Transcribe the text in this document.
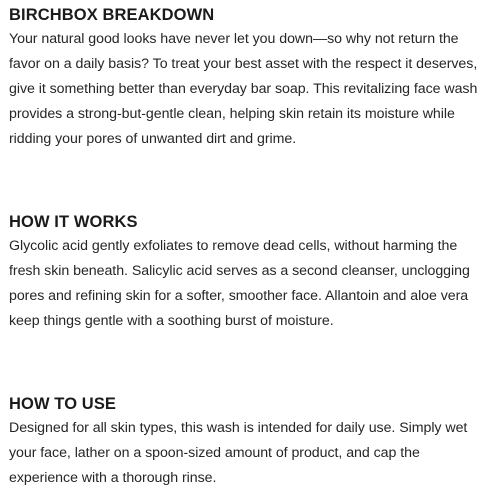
BIRCHBOX BREAKDOWN

Your natural good looks have never let you down—so why not return the favor on a daily basis? To treat your best asset with the respect it deserves, give it something better than everyday bar soap. This revitalizing face wash provides a strong-but-gentle clean, helping skin retain its moisture while ridding your pores of unwanted dirt and grime.

HOW IT WORKS

Glycolic acid gently exfoliates to remove dead cells, without harming the fresh skin beneath. Salicylic acid serves as a second cleanser, unclogging pores and refining skin for a softer, smoother face. Allantoin and aloe vera keep things gentle with a soothing burst of moisture.

HOW TO USE

Designed for all skin types, this wash is intended for daily use. Simply wet your face, lather on a spoon-sized amount of product, and cap the experience with a thorough rinse.
